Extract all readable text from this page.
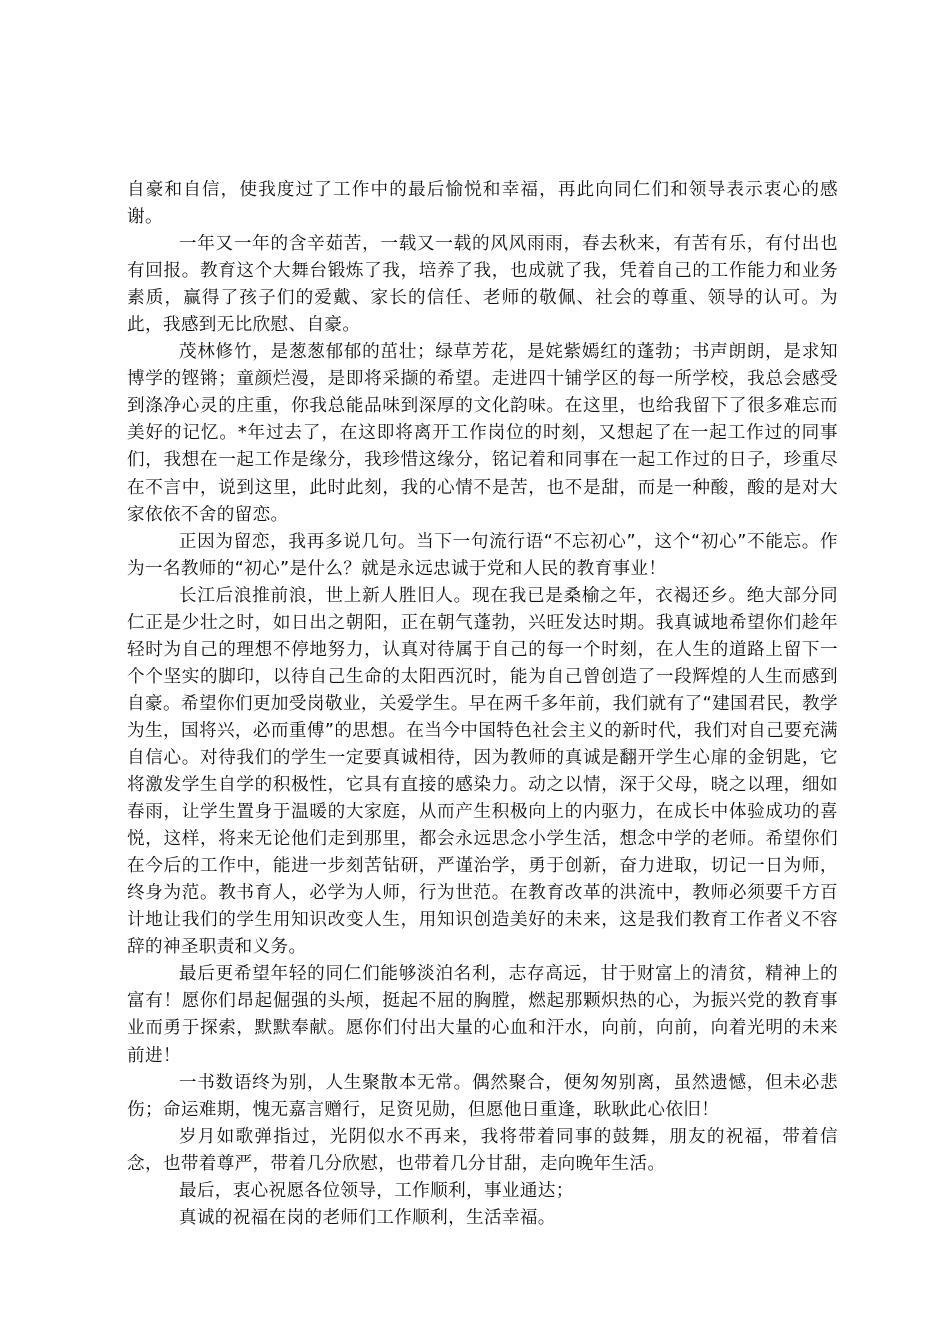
自豪和自信，使我度过了工作中的最后愉悦和幸福，再此向同仁们和领导表示衷心的感谢。

一年又一年的含辛茹苦，一载又一载的风风雨雨，春去秋来，有苦有乐，有付出也有回报。教育这个大舞台锻炼了我，培养了我，也成就了我，凭着自己的工作能力和业务素质，赢得了孩子们的爱戴、家长的信任、老师的敬佩、社会的尊重、领导的认可。为此，我感到无比欣慰、自豪。

茂林修竹，是葱葱郁郁的茁壮；绿草芳花，是姹紫嫣红的蓬勃；书声朗朗，是求知博学的铿锵；童颜烂漫，是即将采撷的希望。走进四十铺学区的每一所学校，我总会感受到涤净心灵的庄重，你我总能品味到深厚的文化韵味。在这里，也给我留下了很多难忘而美好的记忆。*年过去了，在这即将离开工作岗位的时刻，又想起了在一起工作过的同事们，我想在一起工作是缘分，我珍惜这缘分，铭记着和同事在一起工作过的日子，珍重尽在不言中，说到这里，此时此刻，我的心情不是苦，也不是甜，而是一种酸，酸的是对大家依依不舍的留恋。

正因为留恋，我再多说几句。当下一句流行语“不忘初心”，这个“初心”不能忘。作为一名教师的“初心”是什么？就是永远忠诚于党和人民的教育事业！

长江后浪推前浪，世上新人胜旧人。现在我已是桑榆之年，衣褐还乡。绝大部分同仁正是少壮之时，如日出之朝阳，正在朝气蓬勃，兴旺发达时期。我真诚地希望你们趁年轻时为自己的理想不停地努力，认真对待属于自己的每一个时刻，在人生的道路上留下一个个坚实的脚印，以待自己生命的太阳西沉时，能为自己曾创造了一段辉煌的人生而感到自豪。希望你们更加受岗敬业，关爱学生。早在两千多年前，我们就有了“建国君民，教学为生，国将兴，必而重傅”的思想。在当今中国特色社会主义的新时代，我们对自己要充满自信心。对待我们的学生一定要真诚相待，因为教师的真诚是翻开学生心扉的金钥匙，它将激发学生自学的积极性，它具有直接的感染力。动之以情，深于父母，晓之以理，细如春雨，让学生置身于温暖的大家庭，从而产生积极向上的内驱力，在成长中体验成功的喜悦，这样，将来无论他们走到那里，都会永远思念小学生活，想念中学的老师。希望你们在今后的工作中，能进一步刻苦钻研，严谨治学，勇于创新，奋力进取，切记一日为师，终身为范。教书育人，必学为人师，行为世范。在教育改革的洪流中，教师必须要千方百计地让我们的学生用知识改变人生，用知识创造美好的未来，这是我们教育工作者义不容辞的神圣职责和义务。

最后更希望年轻的同仁们能够淡泊名利，志存高远，甘于财富上的清贫，精神上的富有！愿你们昂起倔强的头颅，挺起不屈的胸膛，燃起那颗炽热的心，为振兴党的教育事业而勇于探索，默默奉献。愿你们付出大量的心血和汗水，向前，向前，向着光明的未来前进！

一书数语终为别，人生聚散本无常。偶然聚合，便匆匆别离，虽然遗憾，但未必悲伤；命运难期，愧无嘉言赠行，足资见勋，但愿他日重逢，耿耿此心依旧！

岁月如歌弹指过，光阴似水不再来，我将带着同事的鼓舞，朋友的祝福，带着信念，也带着尊严，带着几分欣慰，也带着几分甘甜，走向晚年生活。

最后，衷心祝愿各位领导，工作顺利，事业通达；

真诚的祝福在岗的老师们工作顺利，生活幸福。
